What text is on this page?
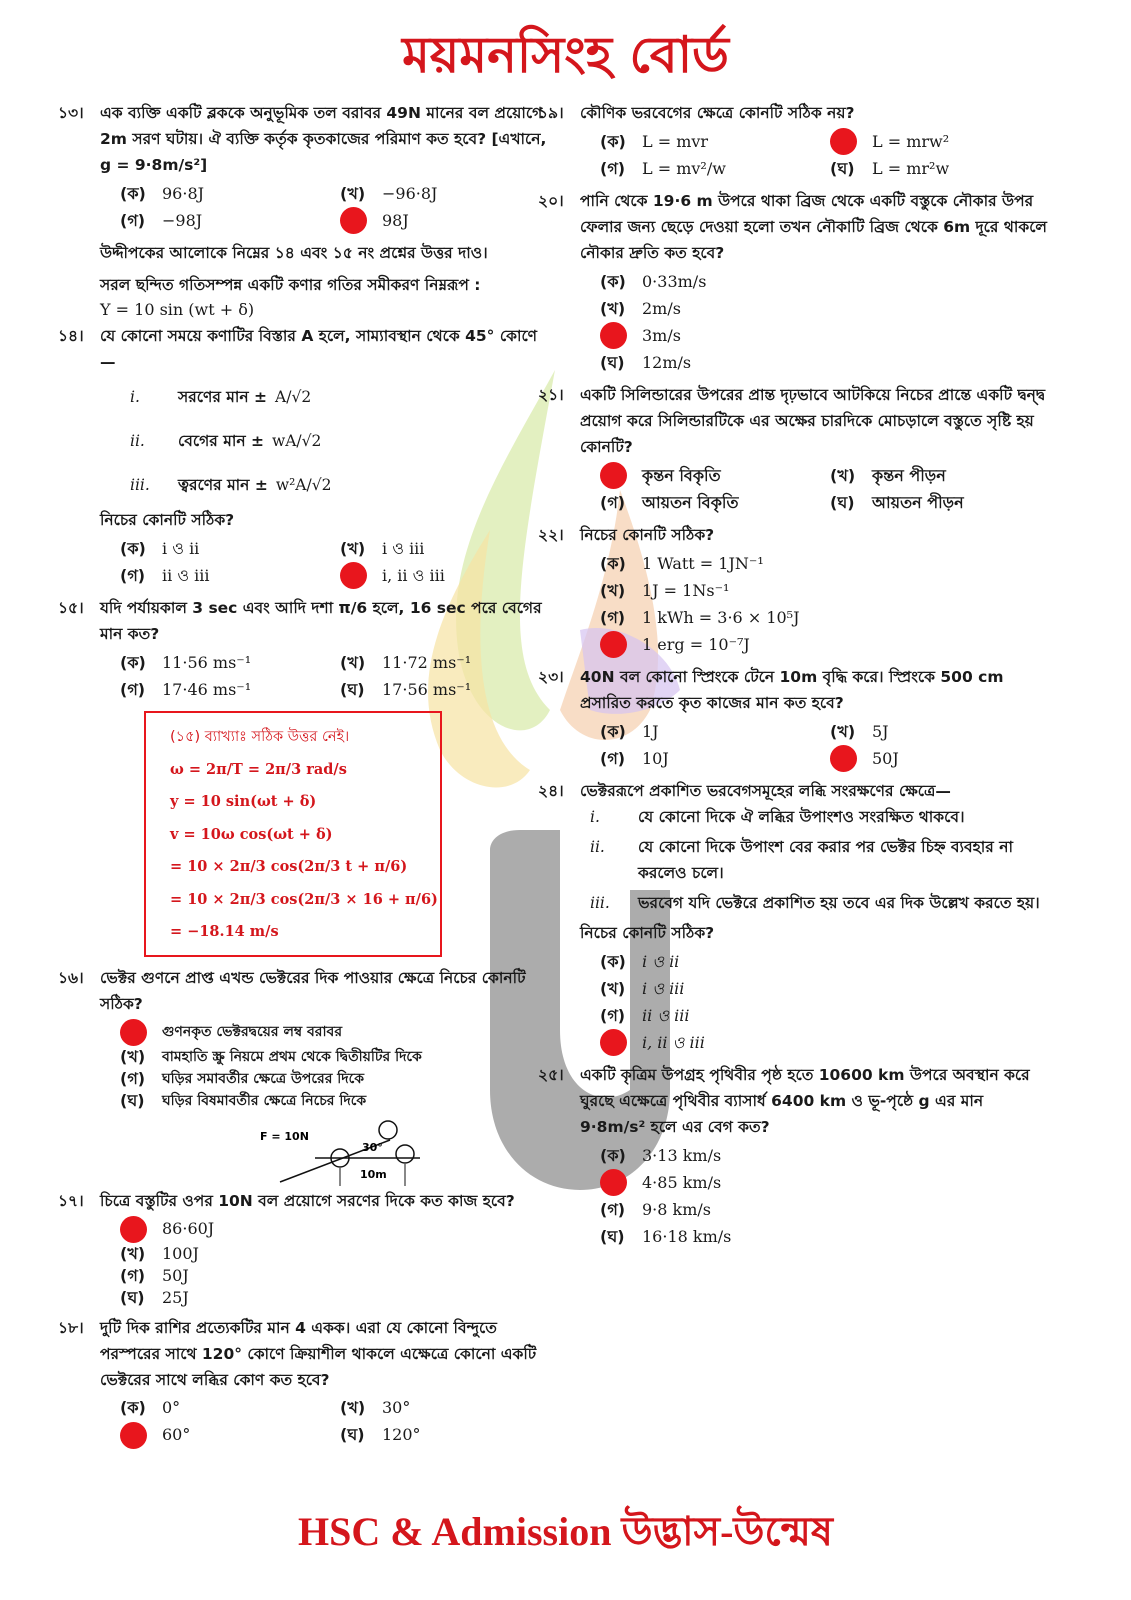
ময়মনসিংহ বোর্ড
১৩। এক ব্যক্তি একটি ব্লককে অনুভূমিক তল বরাবর 49N মানের বল প্রয়োগে 2m সরণ ঘটায়। ঐ ব্যক্তি কর্তৃক কৃতকাজের পরিমাণ কত হবে? [এখানে, g = 9·8m/s²]
(ক)	96·8J	(খ)	−96·8J
(গ)	−98J	98J
উদ্দীপকের আলোকে নিম্নের ১৪ এবং ১৫ নং প্রশ্নের উত্তর দাও।
সরল ছন্দিত গতিসম্পন্ন একটি কণার গতির সমীকরণ নিম্নরূপ :
Y = 10 sin (wt + δ)
১৪। যে কোনো সময়ে কণাটির বিস্তার A হলে, সাম্যাবস্থান থেকে 45° কোণে—
i.	সরণের মান ± A/√2
ii.	বেগের মান ± wA/√2
iii.	ত্বরণের মান ± w²A/√2
নিচের কোনটি সঠিক?
(ক)	i ও ii	(খ)	i ও iii
(গ)	ii ও iii	i, ii ও iii
১৫। যদি পর্যায়কাল 3 sec এবং আদি দশা π/6 হলে, 16 sec পরে বেগের মান কত?
(ক)	11·56 ms⁻¹	(খ)	11·72 ms⁻¹
(গ)	17·46 ms⁻¹	(ঘ)	17·56 ms⁻¹
(১৫) ব্যাখ্যাঃ সঠিক উত্তর নেই।
ω = 2π/T = 2π/3 rad/s
y = 10 sin(ωt + δ)
v = 10ω cos(ωt + δ)
= 10 × 2π/3 cos(2π/3 t + π/6)
= 10 × 2π/3 cos(2π/3 × 16 + π/6)
= −18.14 m/s
১৬। ভেক্টর গুণনে প্রাপ্ত এখন্ড ভেক্টরের দিক পাওয়ার ক্ষেত্রে নিচের কোনটি সঠিক?
গুণনকৃত ভেক্টরদ্বয়ের লম্ব বরাবর
(খ)	বামহাতি স্ক্রু নিয়মে প্রথম থেকে দ্বিতীয়টির দিকে
(গ)	ঘড়ির সমাবর্তীর ক্ষেত্রে উপরের দিকে
(ঘ)	ঘড়ির বিষমাবর্তীর ক্ষেত্রে নিচের দিকে
F = 10N
30°
10m
১৭। চিত্রে বস্তুটির ওপর 10N বল প্রয়োগে সরণের দিকে কত কাজ হবে?
86·60J
(খ)	100J
(গ)	50J
(ঘ)	25J
১৮। দুটি দিক রাশির প্রত্যেকটির মান 4 একক। এরা যে কোনো বিন্দুতে পরস্পরের সাথে 120° কোণে ক্রিয়াশীল থাকলে এক্ষেত্রে কোনো একটি ভেক্টরের সাথে লব্ধির কোণ কত হবে?
(ক)	0°	(খ)	30°
60°	(ঘ)	120°
১৯। কৌণিক ভরবেগের ক্ষেত্রে কোনটি সঠিক নয়?
(ক)	L = mvr	L = mrw²
(গ)	L = mv²/w	(ঘ)	L = mr²w
২০। পানি থেকে 19·6 m উপরে থাকা ব্রিজ থেকে একটি বস্তুকে নৌকার উপর ফেলার জন্য ছেড়ে দেওয়া হলো তখন নৌকাটি ব্রিজ থেকে 6m দূরে থাকলে নৌকার দ্রুতি কত হবে?
(ক)	0·33m/s
(খ)	2m/s
3m/s
(ঘ)	12m/s
২১। একটি সিলিন্ডারের উপরের প্রান্ত দৃঢ়ভাবে আটকিয়ে নিচের প্রান্তে একটি দ্বন্দ্ব প্রয়োগ করে সিলিন্ডারটিকে এর অক্ষের চারদিকে মোচড়ালে বস্তুতে সৃষ্টি হয় কোনটি?
কৃন্তন বিকৃতি	(খ)	কৃন্তন পীড়ন
(গ)	আয়তন বিকৃতি	(ঘ)	আয়তন পীড়ন
২২। নিচের কোনটি সঠিক?
(ক)	1 Watt = 1JN⁻¹
(খ)	1J = 1Ns⁻¹
(গ)	1 kWh = 3·6 × 10⁵J
1 erg = 10⁻⁷J
২৩। 40N বল কোনো স্প্রিংকে টেনে 10m বৃদ্ধি করে। স্প্রিংকে 500 cm প্রসারিত করতে কৃত কাজের মান কত হবে?
(ক)	1J	(খ)	5J
(গ)	10J	50J
২৪। ভেক্টররূপে প্রকাশিত ভরবেগসমূহের লব্ধি সংরক্ষণের ক্ষেত্রে—
i.	যে কোনো দিকে ঐ লব্ধির উপাংশও সংরক্ষিত থাকবে।
ii.	যে কোনো দিকে উপাংশ বের করার পর ভেক্টর চিহ্ন ব্যবহার না করলেও চলে।
iii.	ভরবেগ যদি ভেক্টরে প্রকাশিত হয় তবে এর দিক উল্লেখ করতে হয়।
নিচের কোনটি সঠিক?
(ক)	i ও ii
(খ)	i ও iii
(গ)	ii ও iii
i, ii ও iii
২৫। একটি কৃত্রিম উপগ্রহ পৃথিবীর পৃষ্ঠ হতে 10600 km উপরে অবস্থান করে ঘুরছে এক্ষেত্রে পৃথিবীর ব্যাসার্ধ 6400 km ও ভূ-পৃষ্ঠে g এর মান 9·8m/s² হলে এর বেগ কত?
(ক)	3·13 km/s
4·85 km/s
(গ)	9·8 km/s
(ঘ)	16·18 km/s
HSC & Admission উদ্ভাস-উন্মেষ
